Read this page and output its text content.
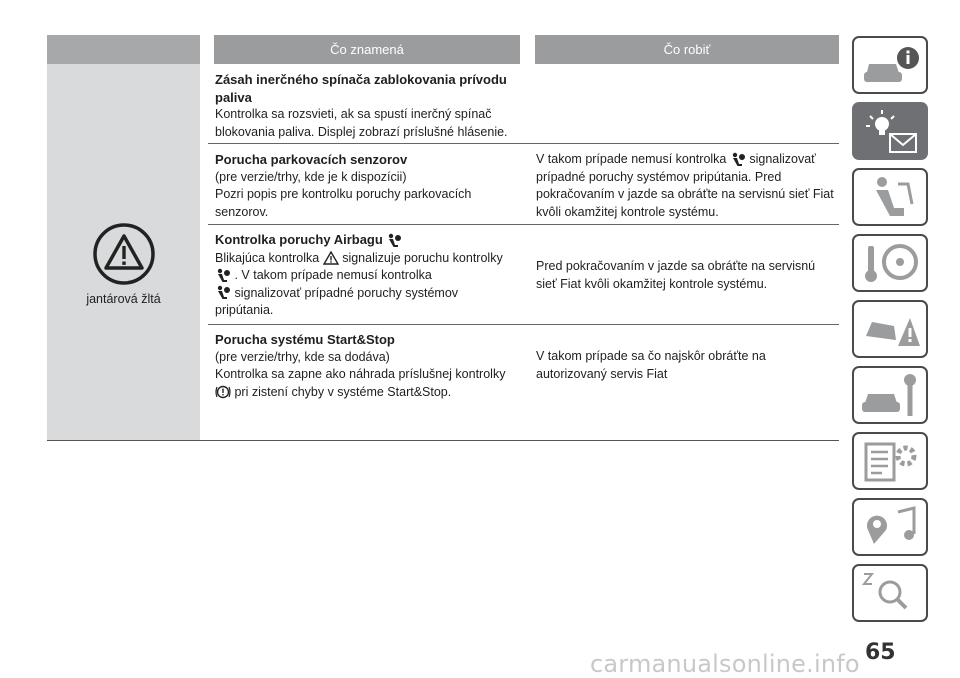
Čo znamená	Čo robiť
jantárová žltá
Zásah inerčného spínača zablokovania prívodu paliva
Kontrolka sa rozsvieti, ak sa spustí inerčný spínač blokovania paliva. Displej zobrazí príslušné hlásenie.
Porucha parkovacích senzorov
(pre verzie/trhy, kde je k dispozícii)
Pozri popis pre kontrolku poruchy parkovacích senzorov.
V takom prípade nemusí kontrolka signalizovať prípadné poruchy systémov pripútania. Pred pokračovaním v jazde sa obráťte na servisnú sieť Fiat kvôli okamžitej kontrole systému.
Kontrolka poruchy Airbagu
Blikajúca kontrolka signalizuje poruchu kontrolky
. V takom prípade nemusí kontrolka
signalizovať prípadné poruchy systémov pripútania.
Pred pokračovaním v jazde sa obráťte na servisnú sieť Fiat kvôli okamžitej kontrole systému.
Porucha systému Start&Stop
(pre verzie/trhy, kde sa dodáva)
Kontrolka sa zapne ako náhrada príslušnej kontrolky
pri zistení chyby v systéme Start&Stop.
V takom prípade sa čo najskôr obráťte na autorizovaný servis Fiat
65
carmanualsonline.info
